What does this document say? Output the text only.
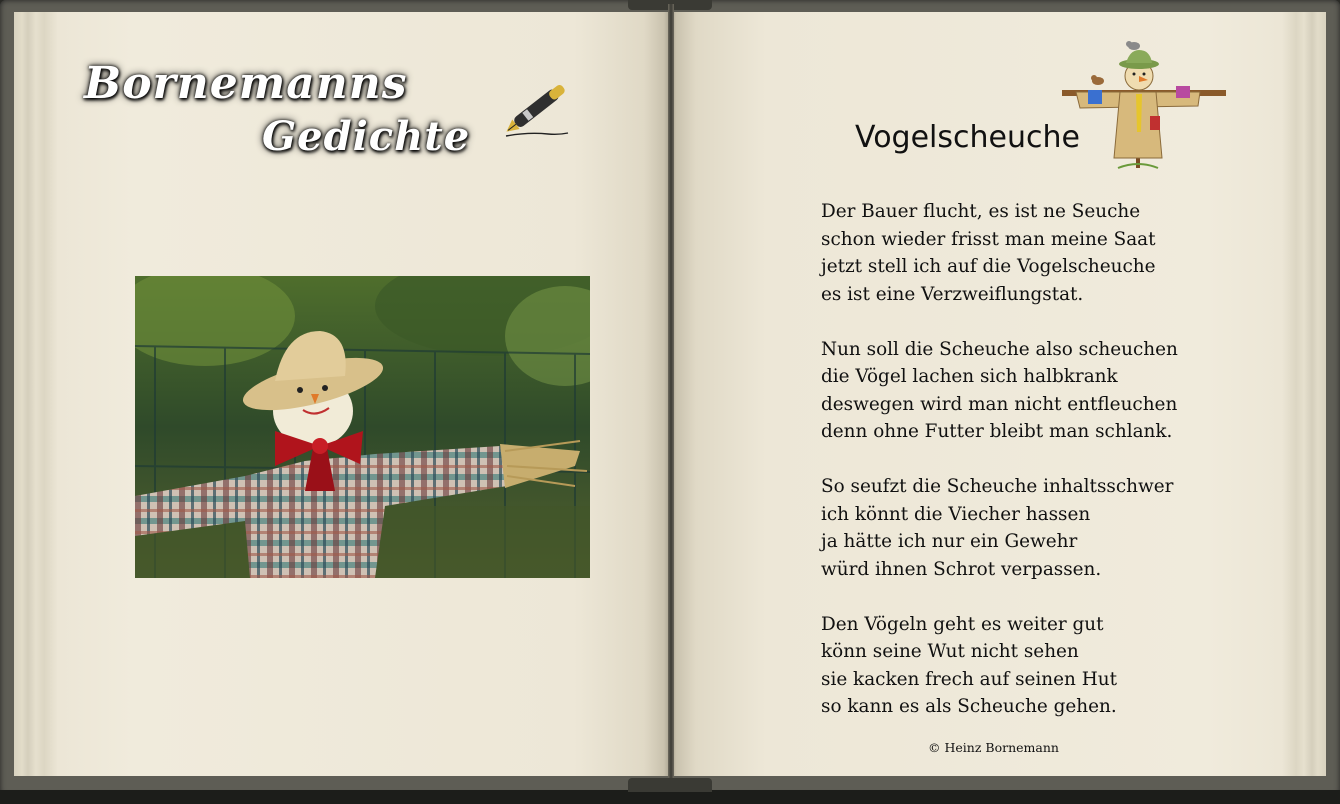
Bornemanns
Gedichte	Vogelscheuche
Der Bauer flucht, es ist ne Seuche
schon wieder frisst man meine Saat
jetzt stell ich auf die Vogelscheuche
es ist eine Verzweiflungstat.
Nun soll die Scheuche also scheuchen
die Vögel lachen sich halbkrank
deswegen wird man nicht entfleuchen
denn ohne Futter bleibt man schlank.
So seufzt die Scheuche inhaltsschwer
ich könnt die Viecher hassen
ja hätte ich nur ein Gewehr
würd ihnen Schrot verpassen.
Den Vögeln geht es weiter gut
könn seine Wut nicht sehen
sie kacken frech auf seinen Hut
so kann es als Scheuche gehen.
© Heinz Bornemann
